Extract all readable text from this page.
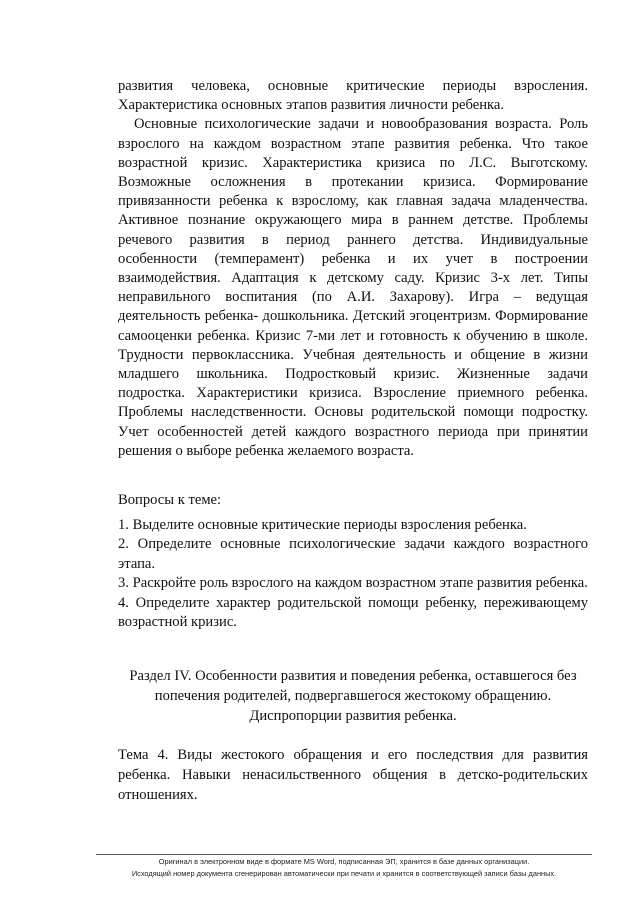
развития человека, основные критические периоды взросления. Характеристика основных этапов развития личности ребенка.
Основные психологические задачи и новообразования возраста. Роль взрослого на каждом возрастном этапе развития ребенка. Что такое возрастной кризис. Характеристика кризиса по Л.С. Выготскому. Возможные осложнения в протекании кризиса. Формирование привязанности ребенка к взрослому, как главная задача младенчества. Активное познание окружающего мира в раннем детстве. Проблемы речевого развития в период раннего детства. Индивидуальные особенности (темперамент) ребенка и их учет в построении взаимодействия. Адаптация к детскому саду. Кризис 3-х лет. Типы неправильного воспитания (по А.И. Захарову). Игра – ведущая деятельность ребенка- дошкольника. Детский эгоцентризм. Формирование самооценки ребенка. Кризис 7-ми лет и готовность к обучению в школе. Трудности первоклассника. Учебная деятельность и общение в жизни младшего школьника. Подростковый кризис. Жизненные задачи подростка. Характеристики кризиса. Взросление приемного ребенка. Проблемы наследственности. Основы родительской помощи подростку. Учет особенностей детей каждого возрастного периода при принятии решения о выборе ребенка желаемого возраста.
Вопросы к теме:
1. Выделите основные критические периоды взросления ребенка.
2. Определите основные психологические задачи каждого возрастного этапа.
3. Раскройте роль взрослого на каждом возрастном этапе развития ребенка.
4. Определите характер родительской помощи ребенку, переживающему возрастной кризис.
Раздел IV. Особенности развития и поведения ребенка, оставшегося без
попечения родителей, подвергавшегося жестокому обращению.
Диспропорции развития ребенка.
Тема 4. Виды жестокого обращения и его последствия для развития ребенка. Навыки ненасильственного общения в детско-родительских отношениях.
Оригинал в электронном виде в формате MS Word, подписанная ЭП, хранится в базе данных организации.
Исходящий номер документа сгенерирован автоматически при печати и хранится в соответствующей записи базы данных.
